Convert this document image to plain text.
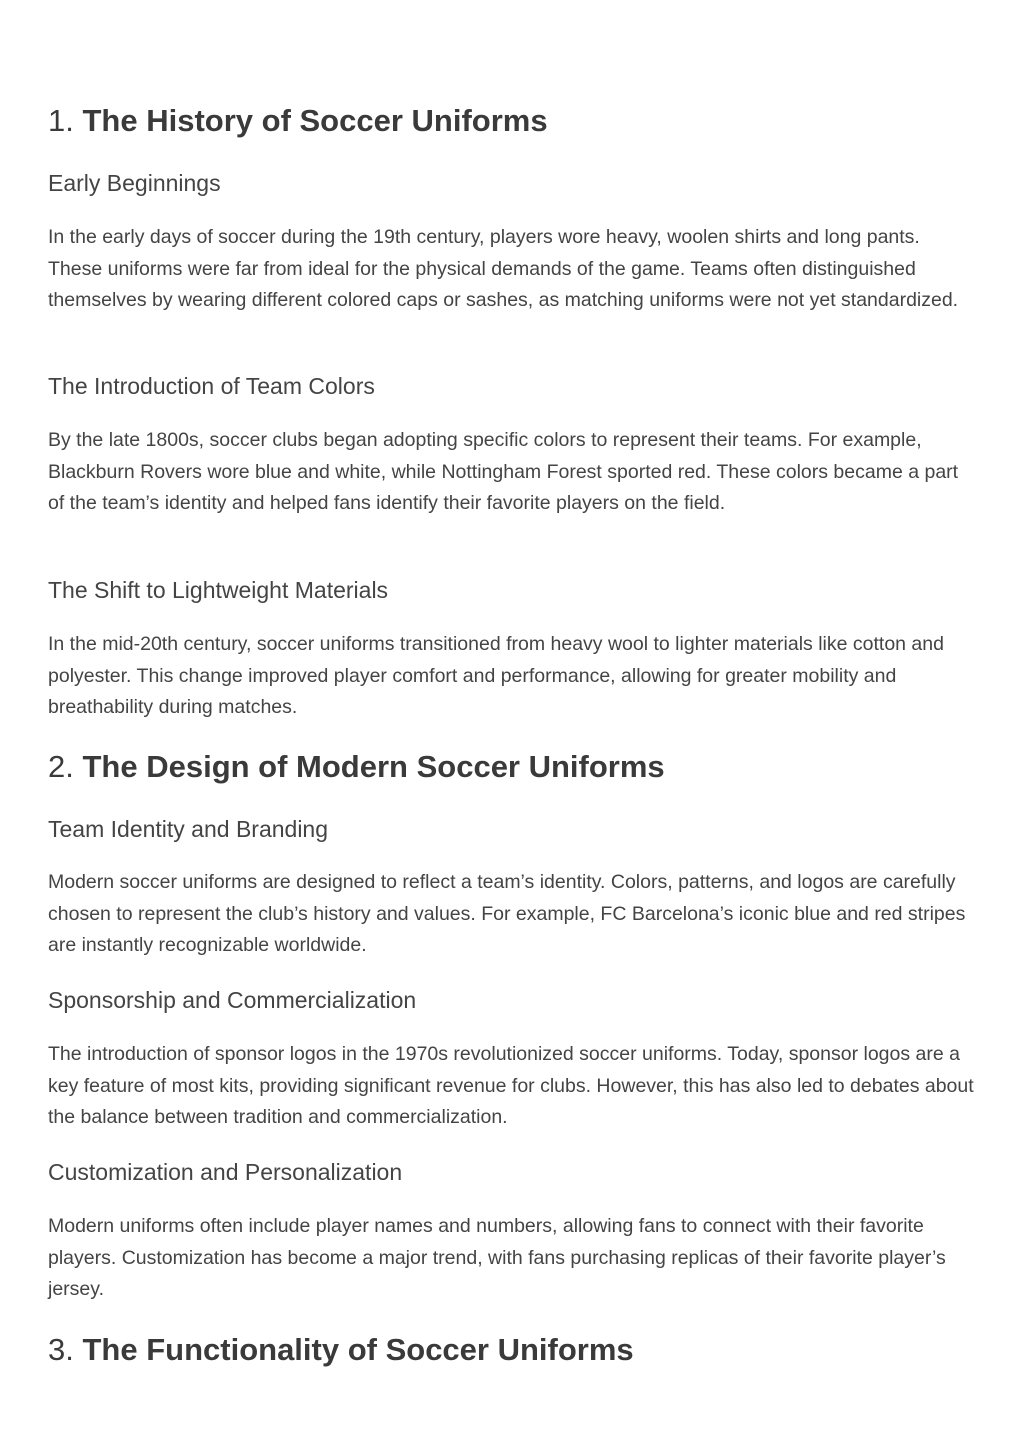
1. The History of Soccer Uniforms
Early Beginnings

In the early days of soccer during the 19th century, players wore heavy, woolen shirts and long pants. These uniforms were far from ideal for the physical demands of the game. Teams often distinguished themselves by wearing different colored caps or sashes, as matching uniforms were not yet standardized.

The Introduction of Team Colors

By the late 1800s, soccer clubs began adopting specific colors to represent their teams. For example, Blackburn Rovers wore blue and white, while Nottingham Forest sported red. These colors became a part of the team’s identity and helped fans identify their favorite players on the field.

The Shift to Lightweight Materials

In the mid-20th century, soccer uniforms transitioned from heavy wool to lighter materials like cotton and polyester. This change improved player comfort and performance, allowing for greater mobility and breathability during matches.

2. The Design of Modern Soccer Uniforms
Team Identity and Branding

Modern soccer uniforms are designed to reflect a team’s identity. Colors, patterns, and logos are carefully chosen to represent the club’s history and values. For example, FC Barcelona’s iconic blue and red stripes are instantly recognizable worldwide.

Sponsorship and Commercialization

The introduction of sponsor logos in the 1970s revolutionized soccer uniforms. Today, sponsor logos are a key feature of most kits, providing significant revenue for clubs. However, this has also led to debates about the balance between tradition and commercialization.

Customization and Personalization

Modern uniforms often include player names and numbers, allowing fans to connect with their favorite players. Customization has become a major trend, with fans purchasing replicas of their favorite player’s jersey.

3. The Functionality of Soccer Uniforms
